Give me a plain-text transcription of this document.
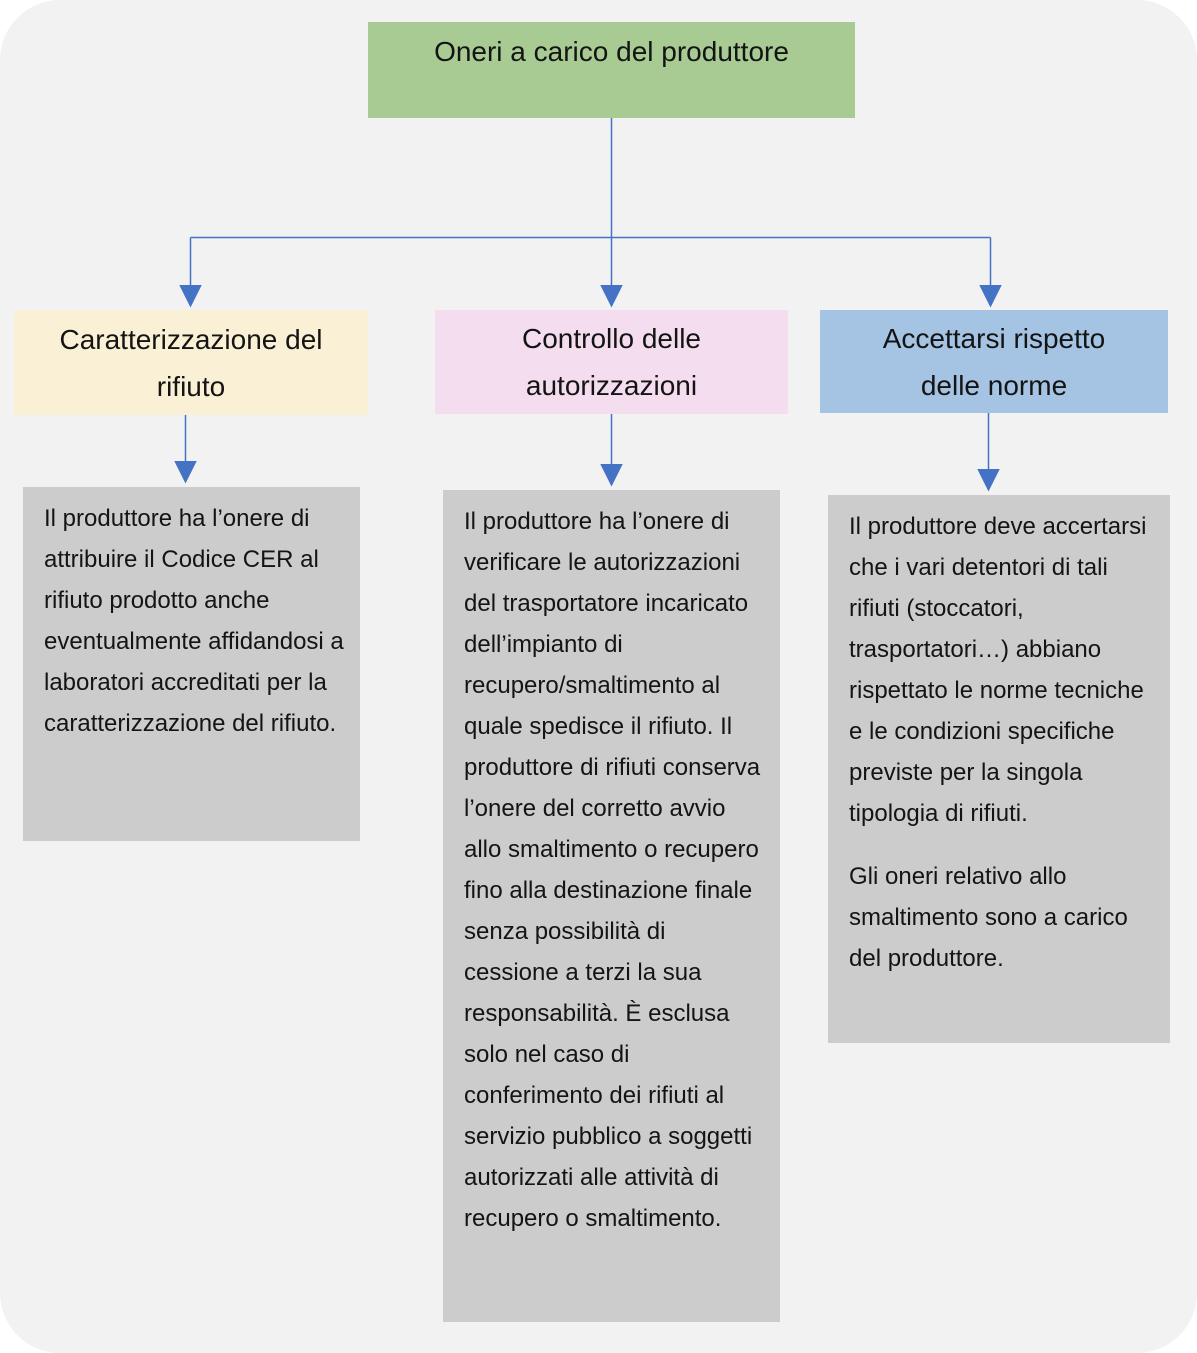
Oneri a carico del produttore
Caratterizzazione del rifiuto
Controllo delle autorizzazioni
Accettarsi rispetto delle norme

Il produttore ha l’onere di attribuire il Codice CER al rifiuto prodotto anche eventualmente affidandosi a laboratori accreditati per la caratterizzazione del rifiuto.

Il produttore ha l’onere di verificare le autorizzazioni del trasportatore incaricato dell’impianto di recupero/smaltimento al quale spedisce il rifiuto. Il produttore di rifiuti conserva l’onere del corretto avvio allo smaltimento o recupero fino alla destinazione finale senza possibilità di cessione a terzi la sua responsabilità. È esclusa solo nel caso di conferimento dei rifiuti al servizio pubblico a soggetti autorizzati alle attività di recupero o smaltimento.

Il produttore deve accertarsi che i vari detentori di tali rifiuti (stoccatori, trasportatori…) abbiano rispettato le norme tecniche e le condizioni specifiche previste per la singola tipologia di rifiuti.

Gli oneri relativo allo smaltimento sono a carico del produttore.
